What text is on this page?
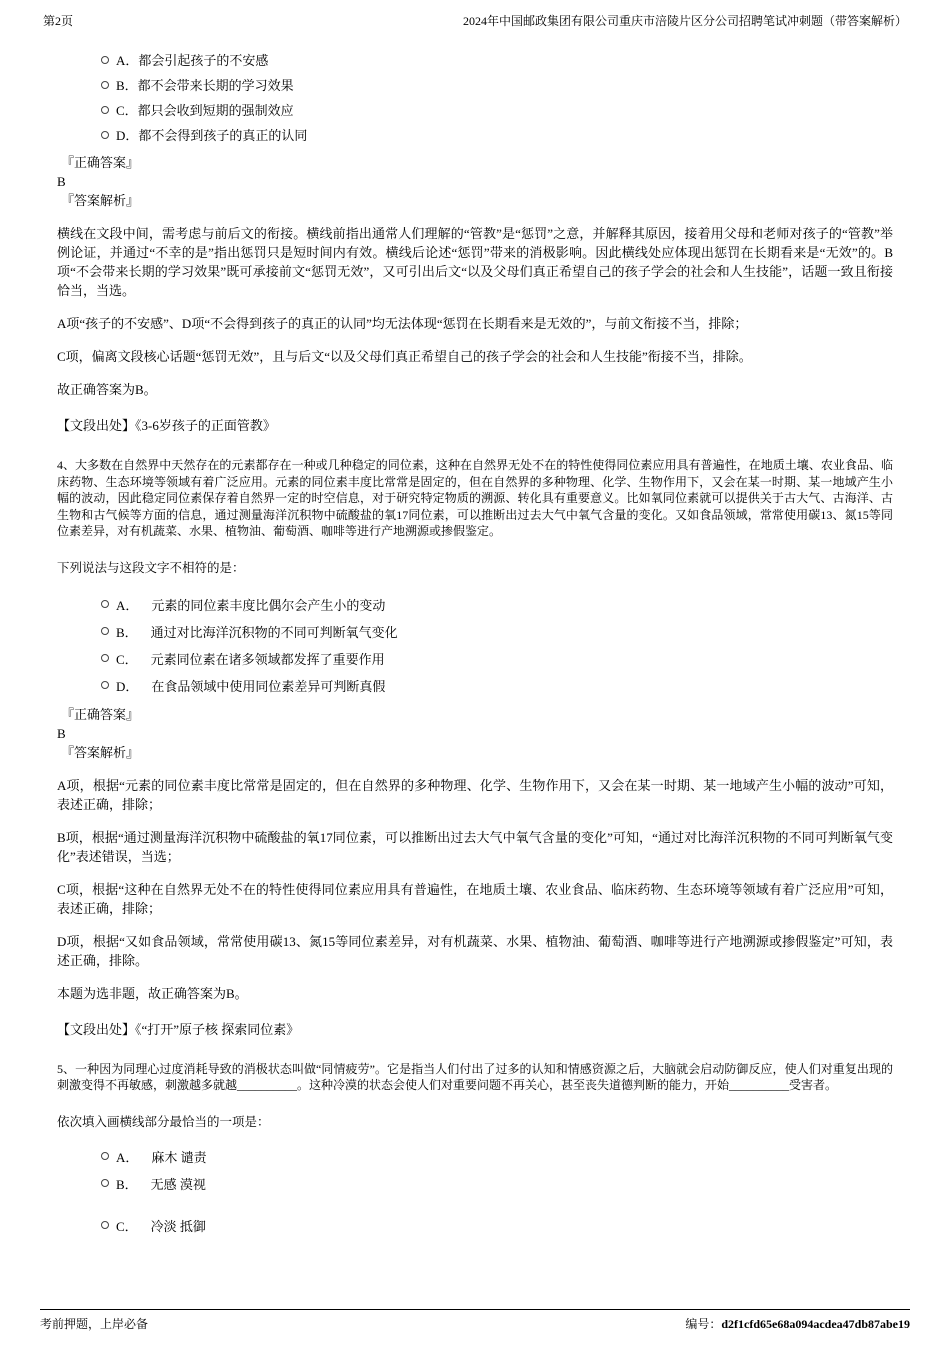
第2页	2024年中国邮政集团有限公司重庆市涪陵片区分公司招聘笔试冲刺题（带答案解析）
A． 都会引起孩子的不安感
B． 都不会带来长期的学习效果
C． 都只会收到短期的强制效应
D． 都不会得到孩子的真正的认同
『正确答案』
B
『答案解析』
横线在文段中间，需考虑与前后文的衔接。横线前指出通常人们理解的“管教”是“惩罚”之意，并解释其原因，接着用父母和老师对孩子的“管教”举例论证，并通过“不幸的是”指出惩罚只是短时间内有效。横线后论述“惩罚”带来的消极影响。因此横线处应体现出惩罚在长期看来是“无效”的。B项“不会带来长期的学习效果”既可承接前文“惩罚无效”，又可引出后文“以及父母们真正希望自己的孩子学会的社会和人生技能”，话题一致且衔接恰当，当选。
A项“孩子的不安感”、D项“不会得到孩子的真正的认同”均无法体现“惩罚在长期看来是无效的”，与前文衔接不当，排除；
C项，偏离文段核心话题“惩罚无效”，且与后文“以及父母们真正希望自己的孩子学会的社会和人生技能”衔接不当，排除。
故正确答案为B。
【文段出处】《3-6岁孩子的正面管教》
4、大多数在自然界中天然存在的元素都存在一种或几种稳定的同位素，这种在自然界无处不在的特性使得同位素应用具有普遍性，在地质土壤、农业食品、临床药物、生态环境等领域有着广泛应用。元素的同位素丰度比常常是固定的，但在自然界的多种物理、化学、生物作用下，又会在某一时期、某一地域产生小幅的波动，因此稳定同位素保存着自然界一定的时空信息，对于研究特定物质的溯源、转化具有重要意义。比如氧同位素就可以提供关于古大气、古海洋、古生物和古气候等方面的信息，通过测量海洋沉积物中硫酸盐的氧17同位素，可以推断出过去大气中氧气含量的变化。又如食品领域，常常使用碳13、氮15等同位素差异，对有机蔬菜、水果、植物油、葡萄酒、咖啡等进行产地溯源或掺假鉴定。
下列说法与这段文字不相符的是：
A． 元素的同位素丰度比偶尔会产生小的变动
B． 通过对比海洋沉积物的不同可判断氧气变化
C． 元素同位素在诸多领域都发挥了重要作用
D． 在食品领域中使用同位素差异可判断真假
『正确答案』
B
『答案解析』
A项，根据“元素的同位素丰度比常常是固定的，但在自然界的多种物理、化学、生物作用下，又会在某一时期、某一地域产生小幅的波动”可知，表述正确，排除；
B项，根据“通过测量海洋沉积物中硫酸盐的氧17同位素，可以推断出过去大气中氧气含量的变化”可知，“通过对比海洋沉积物的不同可判断氧气变化”表述错误，当选；
C项，根据“这种在自然界无处不在的特性使得同位素应用具有普遍性，在地质土壤、农业食品、临床药物、生态环境等领域有着广泛应用”可知，表述正确，排除；
D项，根据“又如食品领域，常常使用碳13、氮15等同位素差异，对有机蔬菜、水果、植物油、葡萄酒、咖啡等进行产地溯源或掺假鉴定”可知，表述正确，排除。
本题为选非题，故正确答案为B。
【文段出处】《“打开”原子核 探索同位素》
5、一种因为同理心过度消耗导致的消极状态叫做“同情疲劳”。它是指当人们付出了过多的认知和情感资源之后，大脑就会启动防御反应，使人们对重复出现的刺激变得不再敏感，刺激越多就越__________。这种冷漠的状态会使人们对重要问题不再关心，甚至丧失道德判断的能力，开始__________受害者。
依次填入画横线部分最恰当的一项是：
A． 麻木 谴责
B． 无感 漠视
C． 冷淡 抵御
考前押题，上岸必备	编号：d2f1cfd65e68a094acdea47db87abe19
